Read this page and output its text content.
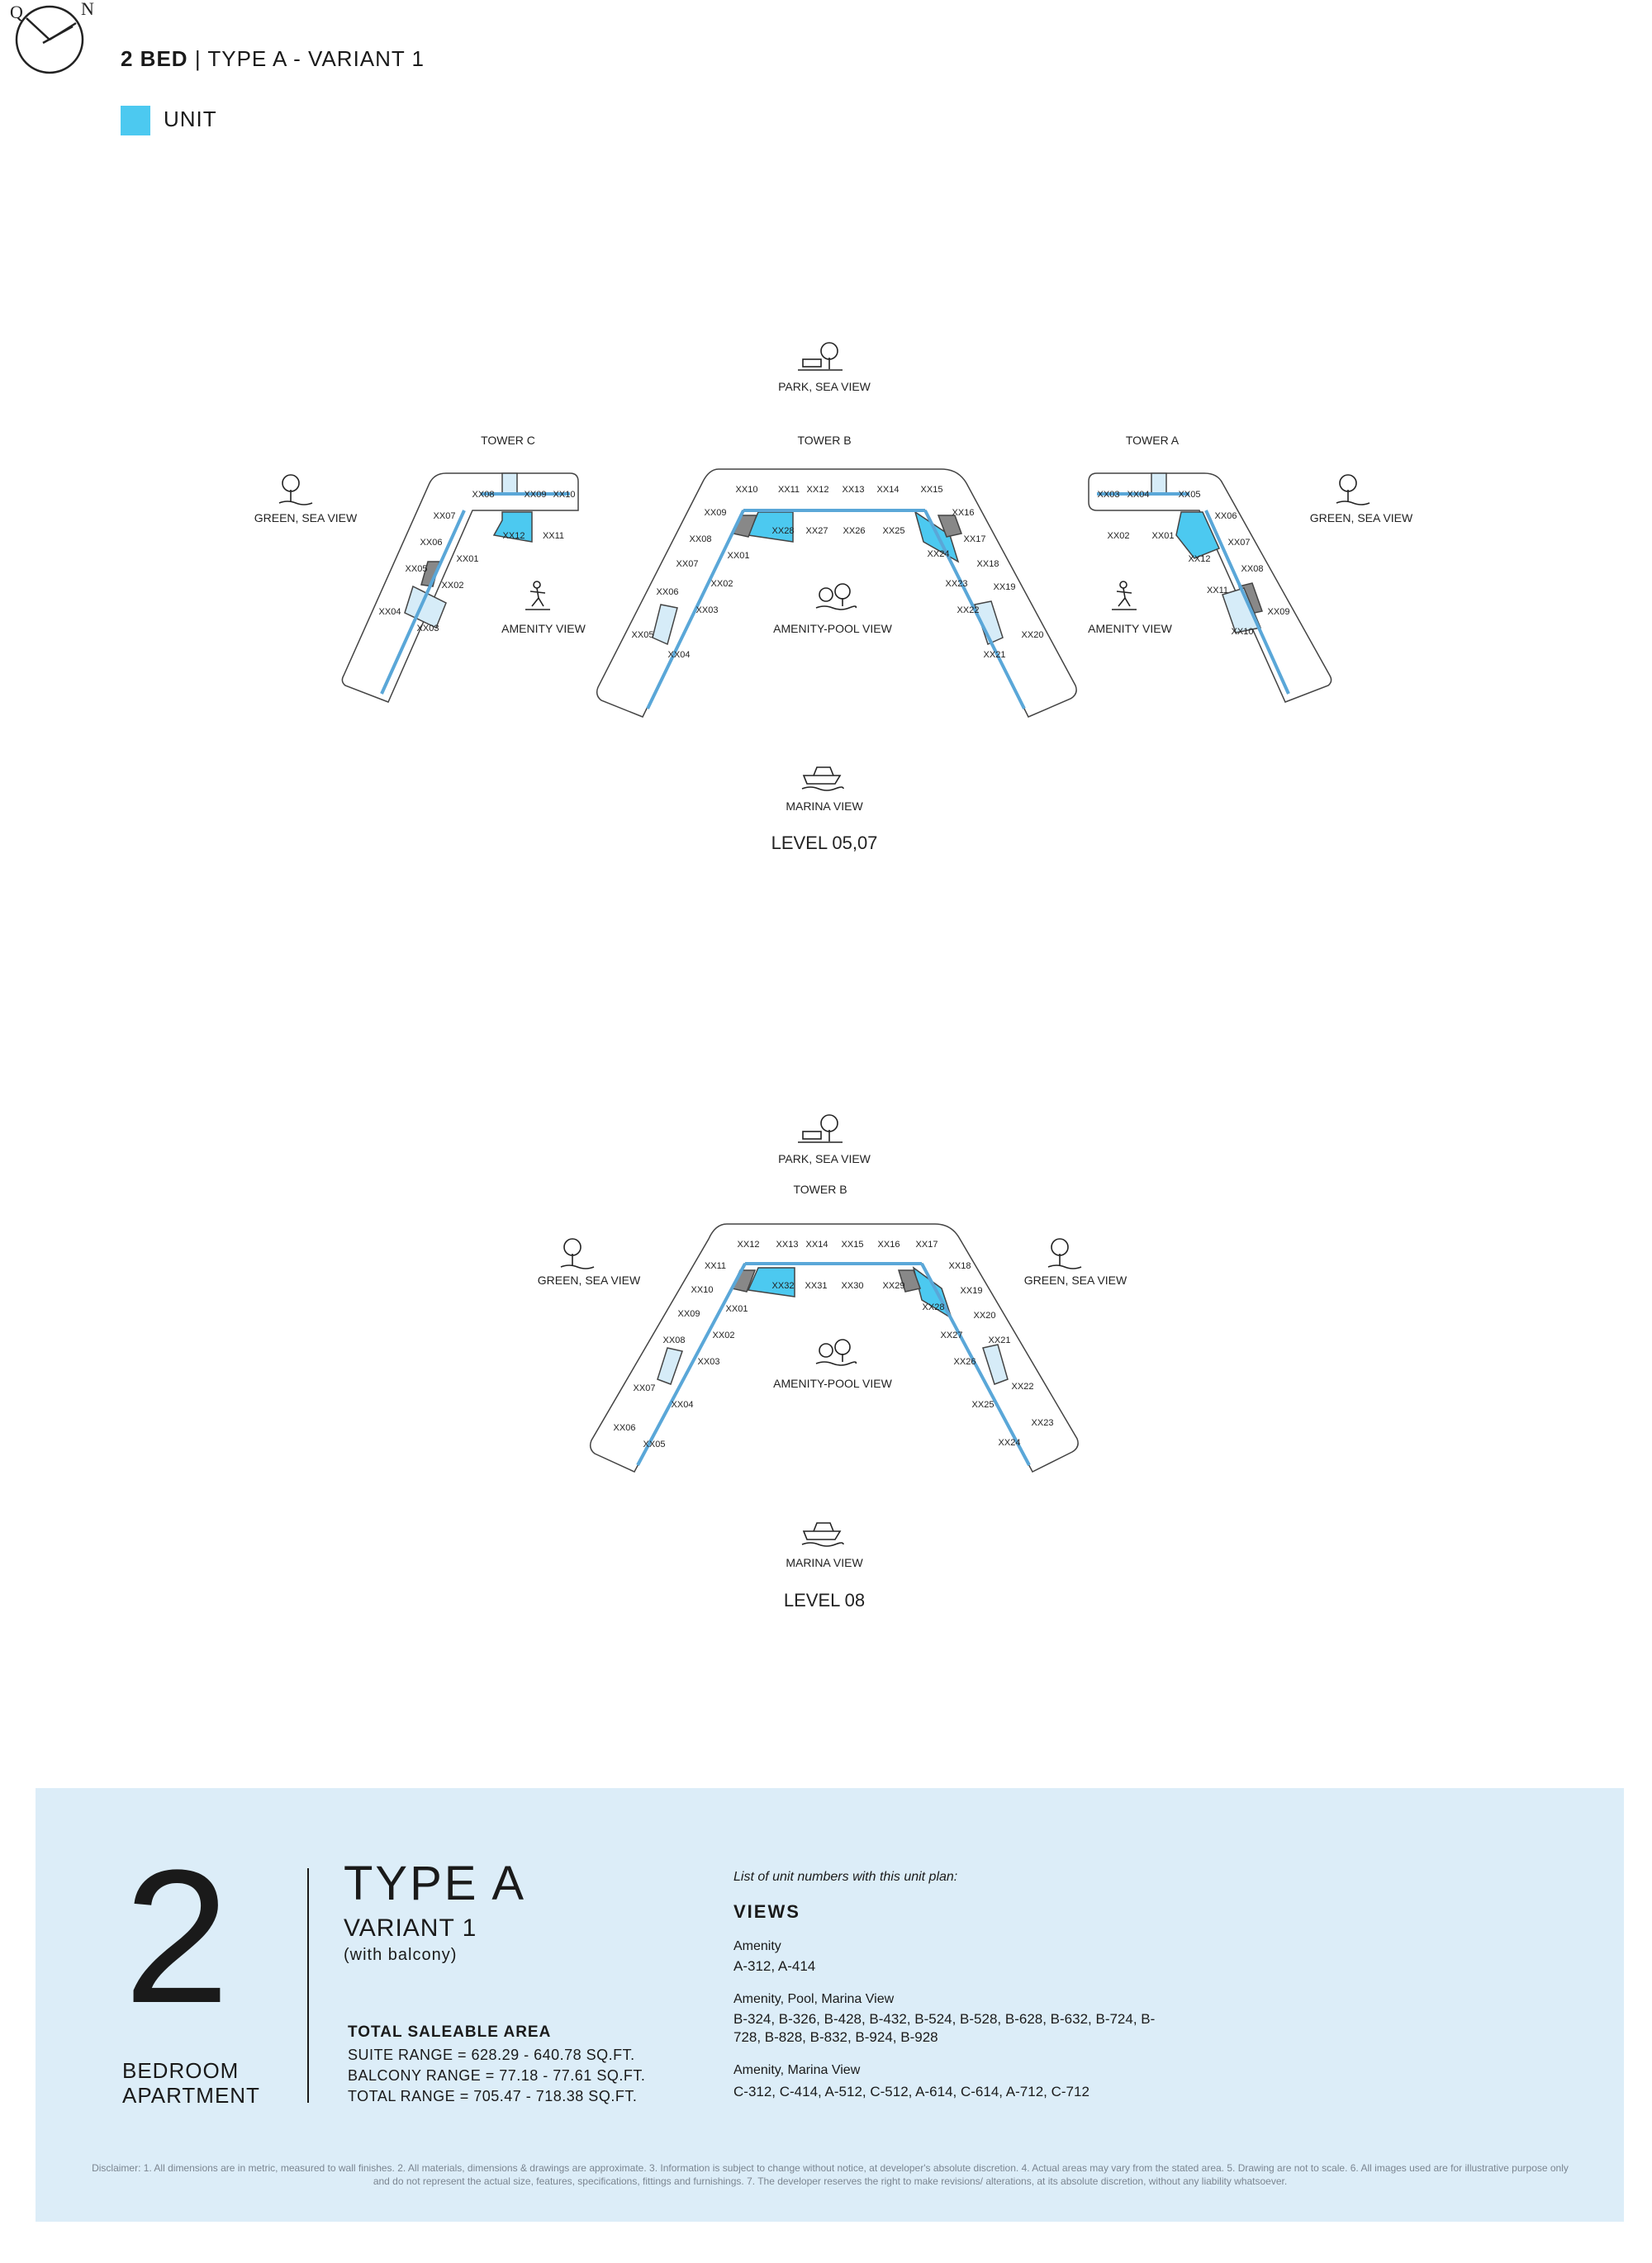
2 BED | TYPE A - VARIANT 1
UNIT
Q	N
PARK, SEA VIEW
GREEN, SEA VIEW	GREEN, SEA VIEW
AMENITY VIEW	AMENITY VIEW
AMENITY-POOL VIEW
MARINA VIEW
TOWER C	TOWER B	TOWER A
LEVEL 05,07
XX08	XX09 XX10
XX12 XX11
XX07
XX06
XX05
XX04
XX01
XX02
XX03
XX10 XX11 XX12 XX13 XX14 XX15
XX28 XX27 XX26 XX25
XX09
XX08
XX07
XX06
XX05
XX01
XX02
XX03
XX04
XX16
XX24
XX17
XX18
XX23	XX19
XX22
XX20
XX21
XX03 XX04	XX05
XX02 XX01
XX06
XX12
XX07
XX08
XX11
XX10
XX09
PARK, SEA VIEW
TOWER B
GREEN, SEA VIEW	GREEN, SEA VIEW
AMENITY-POOL VIEW
MARINA VIEW
LEVEL 08
XX12 XX13 XX14 XX15 XX16 XX17
XX32 XX31 XX30 XX29
XX11
XX10
XX09
XX08
XX07
XX06
XX05
XX01
XX02
XX03
XX04
XX18
XX28
XX19
XX20
XX27	XX21
XX26
XX22
XX25
XX23
XX24
2
BEDROOM
APARTMENT
TYPE A
VARIANT 1
(with balcony)
TOTAL SALEABLE AREA
SUITE RANGE = 628.29 - 640.78 SQ.FT.
BALCONY RANGE = 77.18 - 77.61 SQ.FT.
TOTAL RANGE = 705.47 - 718.38 SQ.FT.
List of unit numbers with this unit plan:
VIEWS
Amenity
A-312, A-414
Amenity, Pool, Marina View
B-324, B-326, B-428, B-432, B-524, B-528, B-628, B-632, B-724, B-728, B-828, B-832, B-924, B-928
Amenity, Marina View
C-312, C-414, A-512, C-512, A-614, C-614, A-712, C-712
Disclaimer: 1. All dimensions are in metric, measured to wall finishes. 2. All materials, dimensions & drawings are approximate. 3. Information is subject to change without notice, at developer's absolute discretion. 4. Actual areas may vary from the stated area. 5. Drawing are not to scale. 6. All images used are for illustrative purpose only and do not represent the actual size, features, specifications, fittings and furnishings. 7. The developer reserves the right to make revisions/ alterations, at its absolute discretion, without any liability whatsoever.
